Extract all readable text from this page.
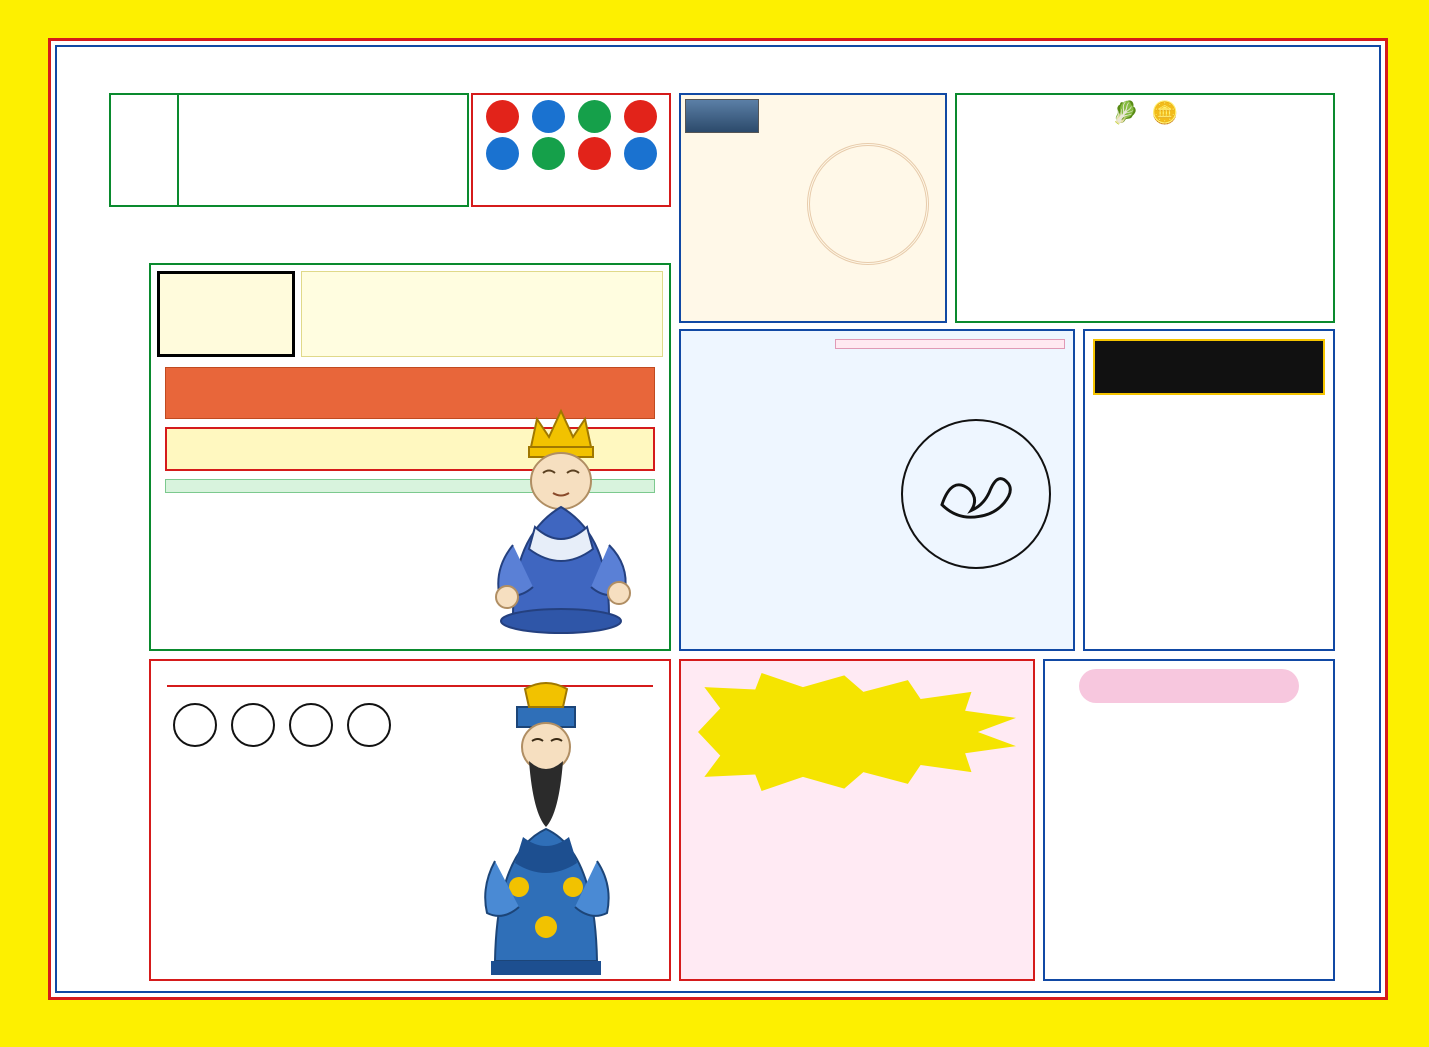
🥬 🪙
